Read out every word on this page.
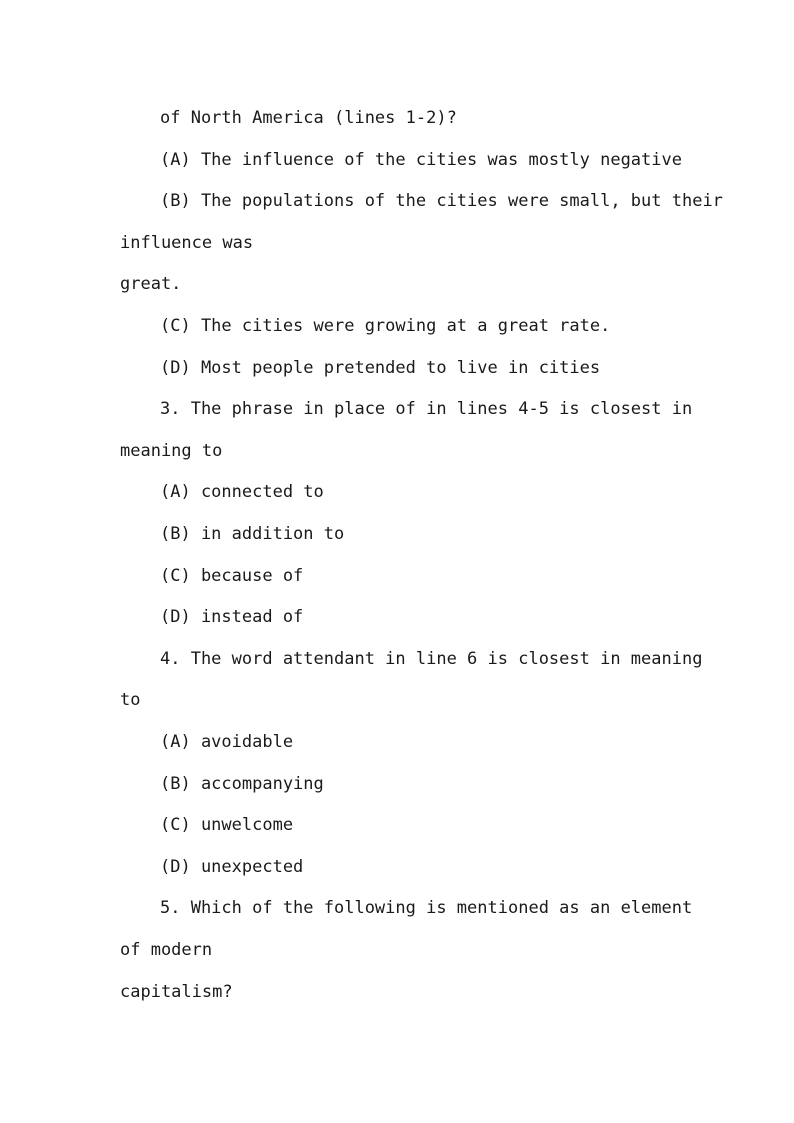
of North America (lines 1-2)?
(A) The influence of the cities was mostly negative
(B) The populations of the cities were small, but their
influence was
great.
(C) The cities were growing at a great rate.
(D) Most people pretended to live in cities
3. The phrase in place of in lines 4-5 is closest in
meaning to
(A) connected to
(B) in addition to
(C) because of
(D) instead of
4. The word attendant in line 6 is closest in meaning
to
(A) avoidable
(B) accompanying
(C) unwelcome
(D) unexpected
5. Which of the following is mentioned as an element
of modern
capitalism?
